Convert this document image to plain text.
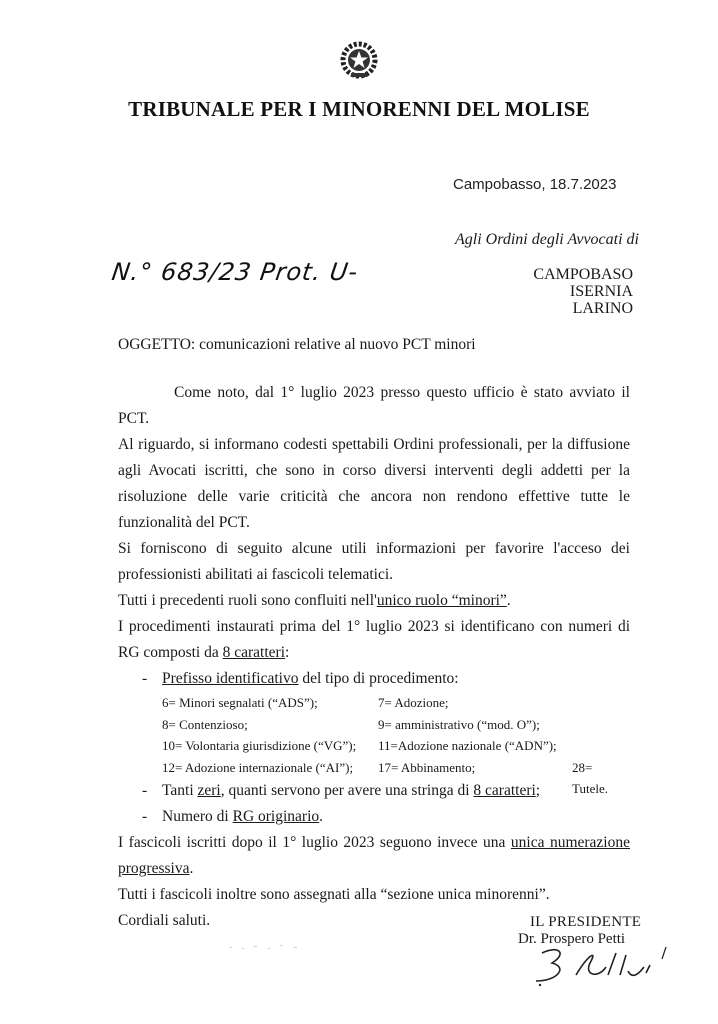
TRIBUNALE PER I MINORENNI DEL MOLISE
Campobasso, 18.7.2023
Agli Ordini degli Avvocati di
CAMPOBASO
ISERNIA
LARINO
N.° 683/23 Prot. U-
OGGETTO: comunicazioni relative al nuovo PCT minori
Come noto, dal 1° luglio 2023 presso questo ufficio è stato avviato il PCT.
Al riguardo, si informano codesti spettabili Ordini professionali, per la diffusione agli Avocati iscritti, che sono in corso diversi interventi degli addetti per la risoluzione delle varie criticità che ancora non rendono effettive tutte le funzionalità del PCT.
Si forniscono di seguito alcune utili informazioni per favorire l'acceso dei professionisti abilitati ai fascicoli telematici.
Tutti i precedenti ruoli sono confluiti nell'unico ruolo “minori”.
I procedimenti instaurati prima del 1° luglio 2023 si identificano con numeri di RG composti da 8 caratteri:
- Prefisso identificativo del tipo di procedimento:
6= Minori segnalati (“ADS”);	7= Adozione;
8= Contenzioso;	9= amministrativo (“mod. O”);
10= Volontaria giurisdizione (“VG”); 11=Adozione nazionale (“ADN”);
12= Adozione internazionale (“AI”); 17= Abbinamento;	28= Tutele.
- Tanti zeri, quanti servono per avere una stringa di 8 caratteri;
- Numero di RG originario.
I fascicoli iscritti dopo il 1° luglio 2023 seguono invece una unica numerazione progressiva.
Tutti i fascicoli inoltre sono assegnati alla “sezione unica minorenni”.
Cordiali saluti.	IL PRESIDENTE
Dr. Prospero Petti
